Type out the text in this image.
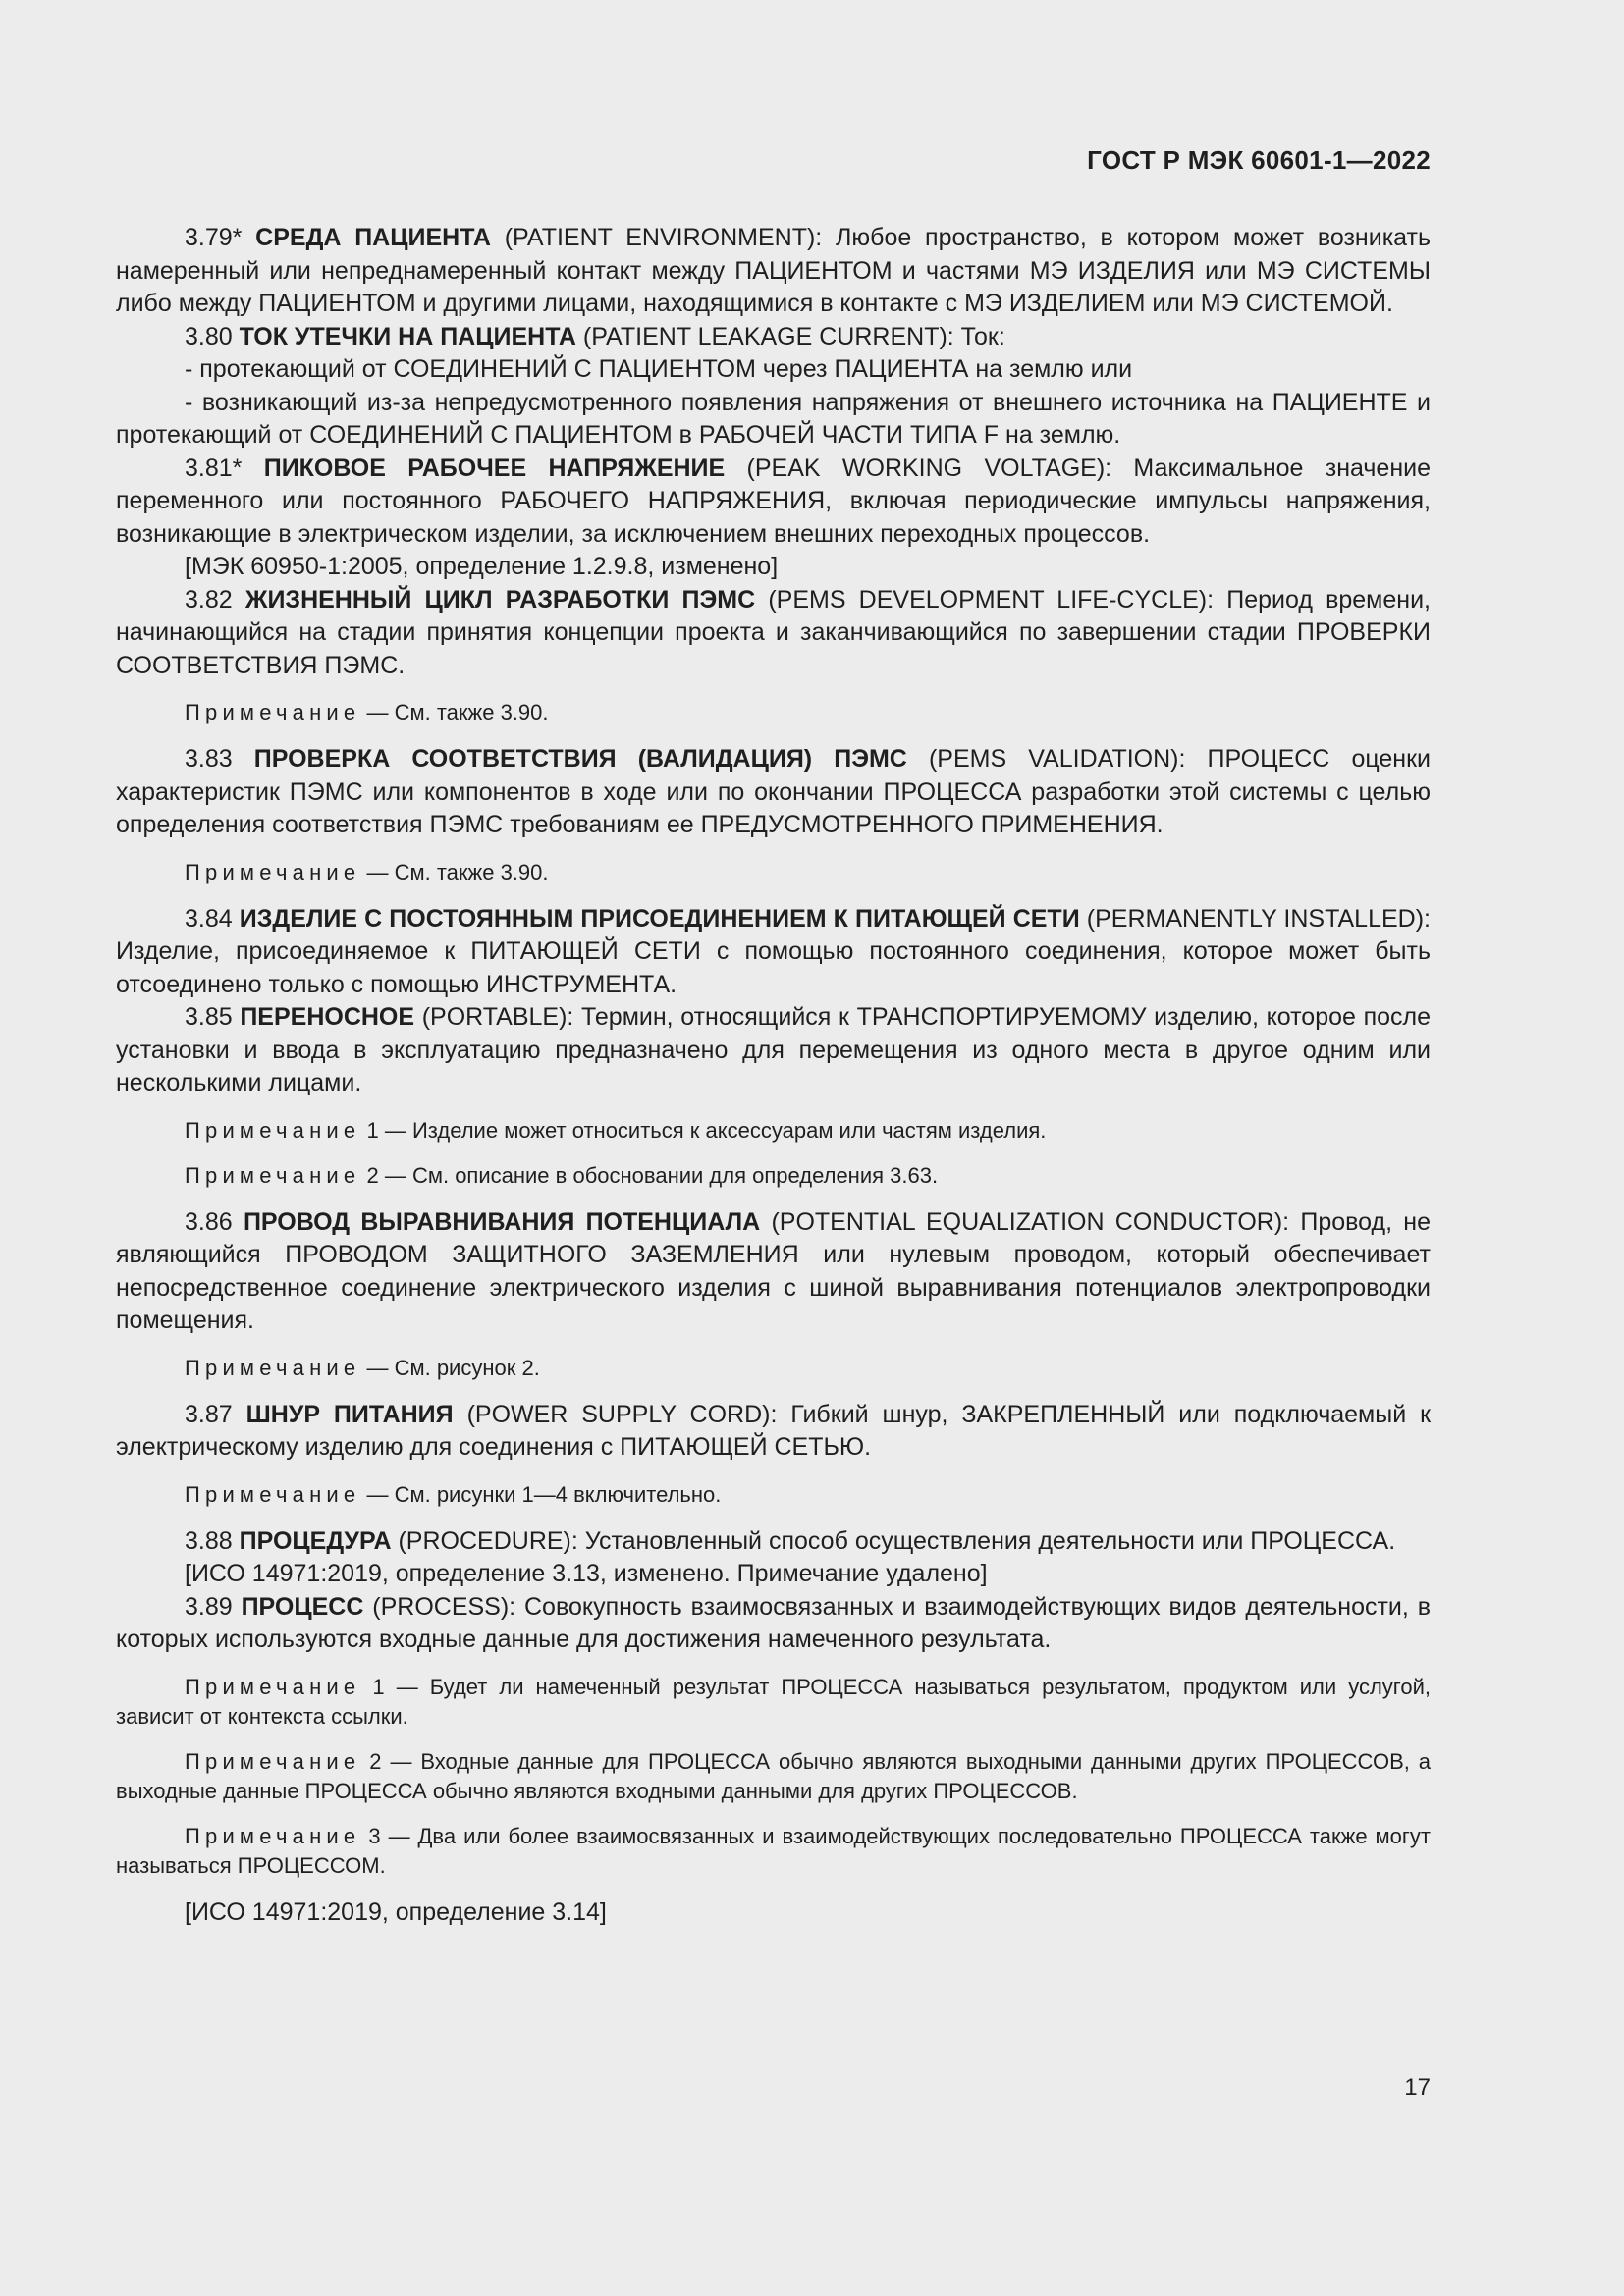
ГОСТ Р МЭК 60601-1—2022

3.79* СРЕДА ПАЦИЕНТА (PATIENT ENVIRONMENT): Любое пространство, в котором может возникать намеренный или непреднамеренный контакт между ПАЦИЕНТОМ и частями МЭ ИЗДЕЛИЯ или МЭ СИСТЕМЫ либо между ПАЦИЕНТОМ и другими лицами, находящимися в контакте с МЭ ИЗДЕЛИЕМ или МЭ СИСТЕМОЙ.

3.80 ТОК УТЕЧКИ НА ПАЦИЕНТА (PATIENT LEAKAGE CURRENT): Ток:

- протекающий от СОЕДИНЕНИЙ С ПАЦИЕНТОМ через ПАЦИЕНТА на землю или

- возникающий из-за непредусмотренного появления напряжения от внешнего источника на ПАЦИЕНТЕ и протекающий от СОЕДИНЕНИЙ С ПАЦИЕНТОМ в РАБОЧЕЙ ЧАСТИ ТИПА F на землю.

3.81* ПИКОВОЕ РАБОЧЕЕ НАПРЯЖЕНИЕ (PEAK WORKING VOLTAGE): Максимальное значение переменного или постоянного РАБОЧЕГО НАПРЯЖЕНИЯ, включая периодические импульсы напряжения, возникающие в электрическом изделии, за исключением внешних переходных процессов.

[МЭК 60950-1:2005, определение 1.2.9.8, изменено]

3.82 ЖИЗНЕННЫЙ ЦИКЛ РАЗРАБОТКИ ПЭМС (PEMS DEVELOPMENT LIFE-CYCLE): Период времени, начинающийся на стадии принятия концепции проекта и заканчивающийся по завершении стадии ПРОВЕРКИ СООТВЕТСТВИЯ ПЭМС.

Примечание — См. также 3.90.

3.83 ПРОВЕРКА СООТВЕТСТВИЯ (ВАЛИДАЦИЯ) ПЭМС (PEMS VALIDATION): ПРОЦЕСС оценки характеристик ПЭМС или компонентов в ходе или по окончании ПРОЦЕССА разработки этой системы с целью определения соответствия ПЭМС требованиям ее ПРЕДУСМОТРЕННОГО ПРИМЕНЕНИЯ.

Примечание — См. также 3.90.

3.84 ИЗДЕЛИЕ С ПОСТОЯННЫМ ПРИСОЕДИНЕНИЕМ К ПИТАЮЩЕЙ СЕТИ (PERMANENTLY INSTALLED): Изделие, присоединяемое к ПИТАЮЩЕЙ СЕТИ с помощью постоянного соединения, которое может быть отсоединено только с помощью ИНСТРУМЕНТА.

3.85 ПЕРЕНОСНОЕ (PORTABLE): Термин, относящийся к ТРАНСПОРТИРУЕМОМУ изделию, которое после установки и ввода в эксплуатацию предназначено для перемещения из одного места в другое одним или несколькими лицами.

Примечание 1 — Изделие может относиться к аксессуарам или частям изделия.

Примечание 2 — См. описание в обосновании для определения 3.63.

3.86 ПРОВОД ВЫРАВНИВАНИЯ ПОТЕНЦИАЛА (POTENTIAL EQUALIZATION CONDUCTOR): Провод, не являющийся ПРОВОДОМ ЗАЩИТНОГО ЗАЗЕМЛЕНИЯ или нулевым проводом, который обеспечивает непосредственное соединение электрического изделия с шиной выравнивания потенциалов электропроводки помещения.

Примечание — См. рисунок 2.

3.87 ШНУР ПИТАНИЯ (POWER SUPPLY CORD): Гибкий шнур, ЗАКРЕПЛЕННЫЙ или подключаемый к электрическому изделию для соединения с ПИТАЮЩЕЙ СЕТЬЮ.

Примечание — См. рисунки 1—4 включительно.

3.88 ПРОЦЕДУРА (PROCEDURE): Установленный способ осуществления деятельности или ПРОЦЕССА.

[ИСО 14971:2019, определение 3.13, изменено. Примечание удалено]

3.89 ПРОЦЕСС (PROCESS): Совокупность взаимосвязанных и взаимодействующих видов деятельности, в которых используются входные данные для достижения намеченного результата.

Примечание 1 — Будет ли намеченный результат ПРОЦЕССА называться результатом, продуктом или услугой, зависит от контекста ссылки.

Примечание 2 — Входные данные для ПРОЦЕССА обычно являются выходными данными других ПРОЦЕССОВ, а выходные данные ПРОЦЕССА обычно являются входными данными для других ПРОЦЕССОВ.

Примечание 3 — Два или более взаимосвязанных и взаимодействующих последовательно ПРОЦЕССА также могут называться ПРОЦЕССОМ.

[ИСО 14971:2019, определение 3.14]

17
